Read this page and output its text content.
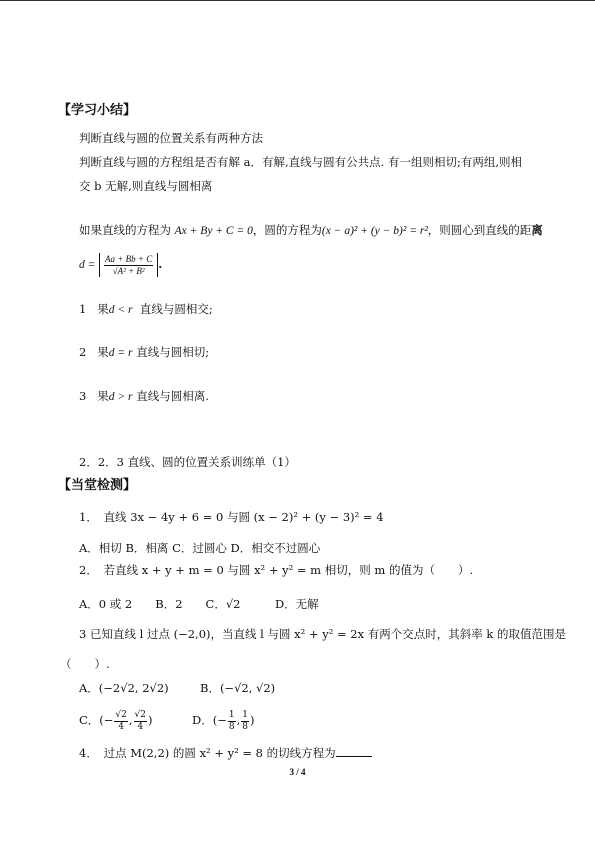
【学习小结】
判断直线与圆的位置关系有两种方法
判断直线与圆的方程组是否有解 a．有解,直线与圆有公共点. 有一组则相切;有两组,则相
交 b 无解,则直线与圆相离
如果直线的方程为 Ax + By + C = 0，圆的方程为(x − a)² + (y − b)² = r²，则圆心到直线的距离
$d = \frac{Aa + Bb + C}{\text{√A² + B²}}$ .
1 果d < r 直线与圆相交;
2 果d = r 直线与圆相切;
3 果d > r 直线与圆相离.
2．2．3 直线、圆的位置关系训练单（1）
【当堂检测】
1．　直线 3x − 4y + 6 = 0 与圆 (x − 2)² + (y − 3)² = 4
A．相切 B．相离 C．过圆心 D．相交不过圆心
2．　若直线 x + y + m = 0 与圆 x² + y² = m 相切，则 m 的值为（　　）.
A．0 或 2　　B．2　　C．√2　　　D．无解
3 已知直线 l 过点 (−2,0)，当直线 l 与圆 x² + y² = 2x 有两个交点时，其斜率 k 的取值范围是
（　　）.
A．(−2√2, 2√2)	B．(−√2, √2)
C．(− $\frac{√2}{4}$ , $\frac{√2}{4}$ )	D．(− $\frac{1}{8}$ , $\frac{1}{8}$ )
4．　过点 M(2,2) 的圆 x² + y² = 8 的切线方程为
3 / 4
